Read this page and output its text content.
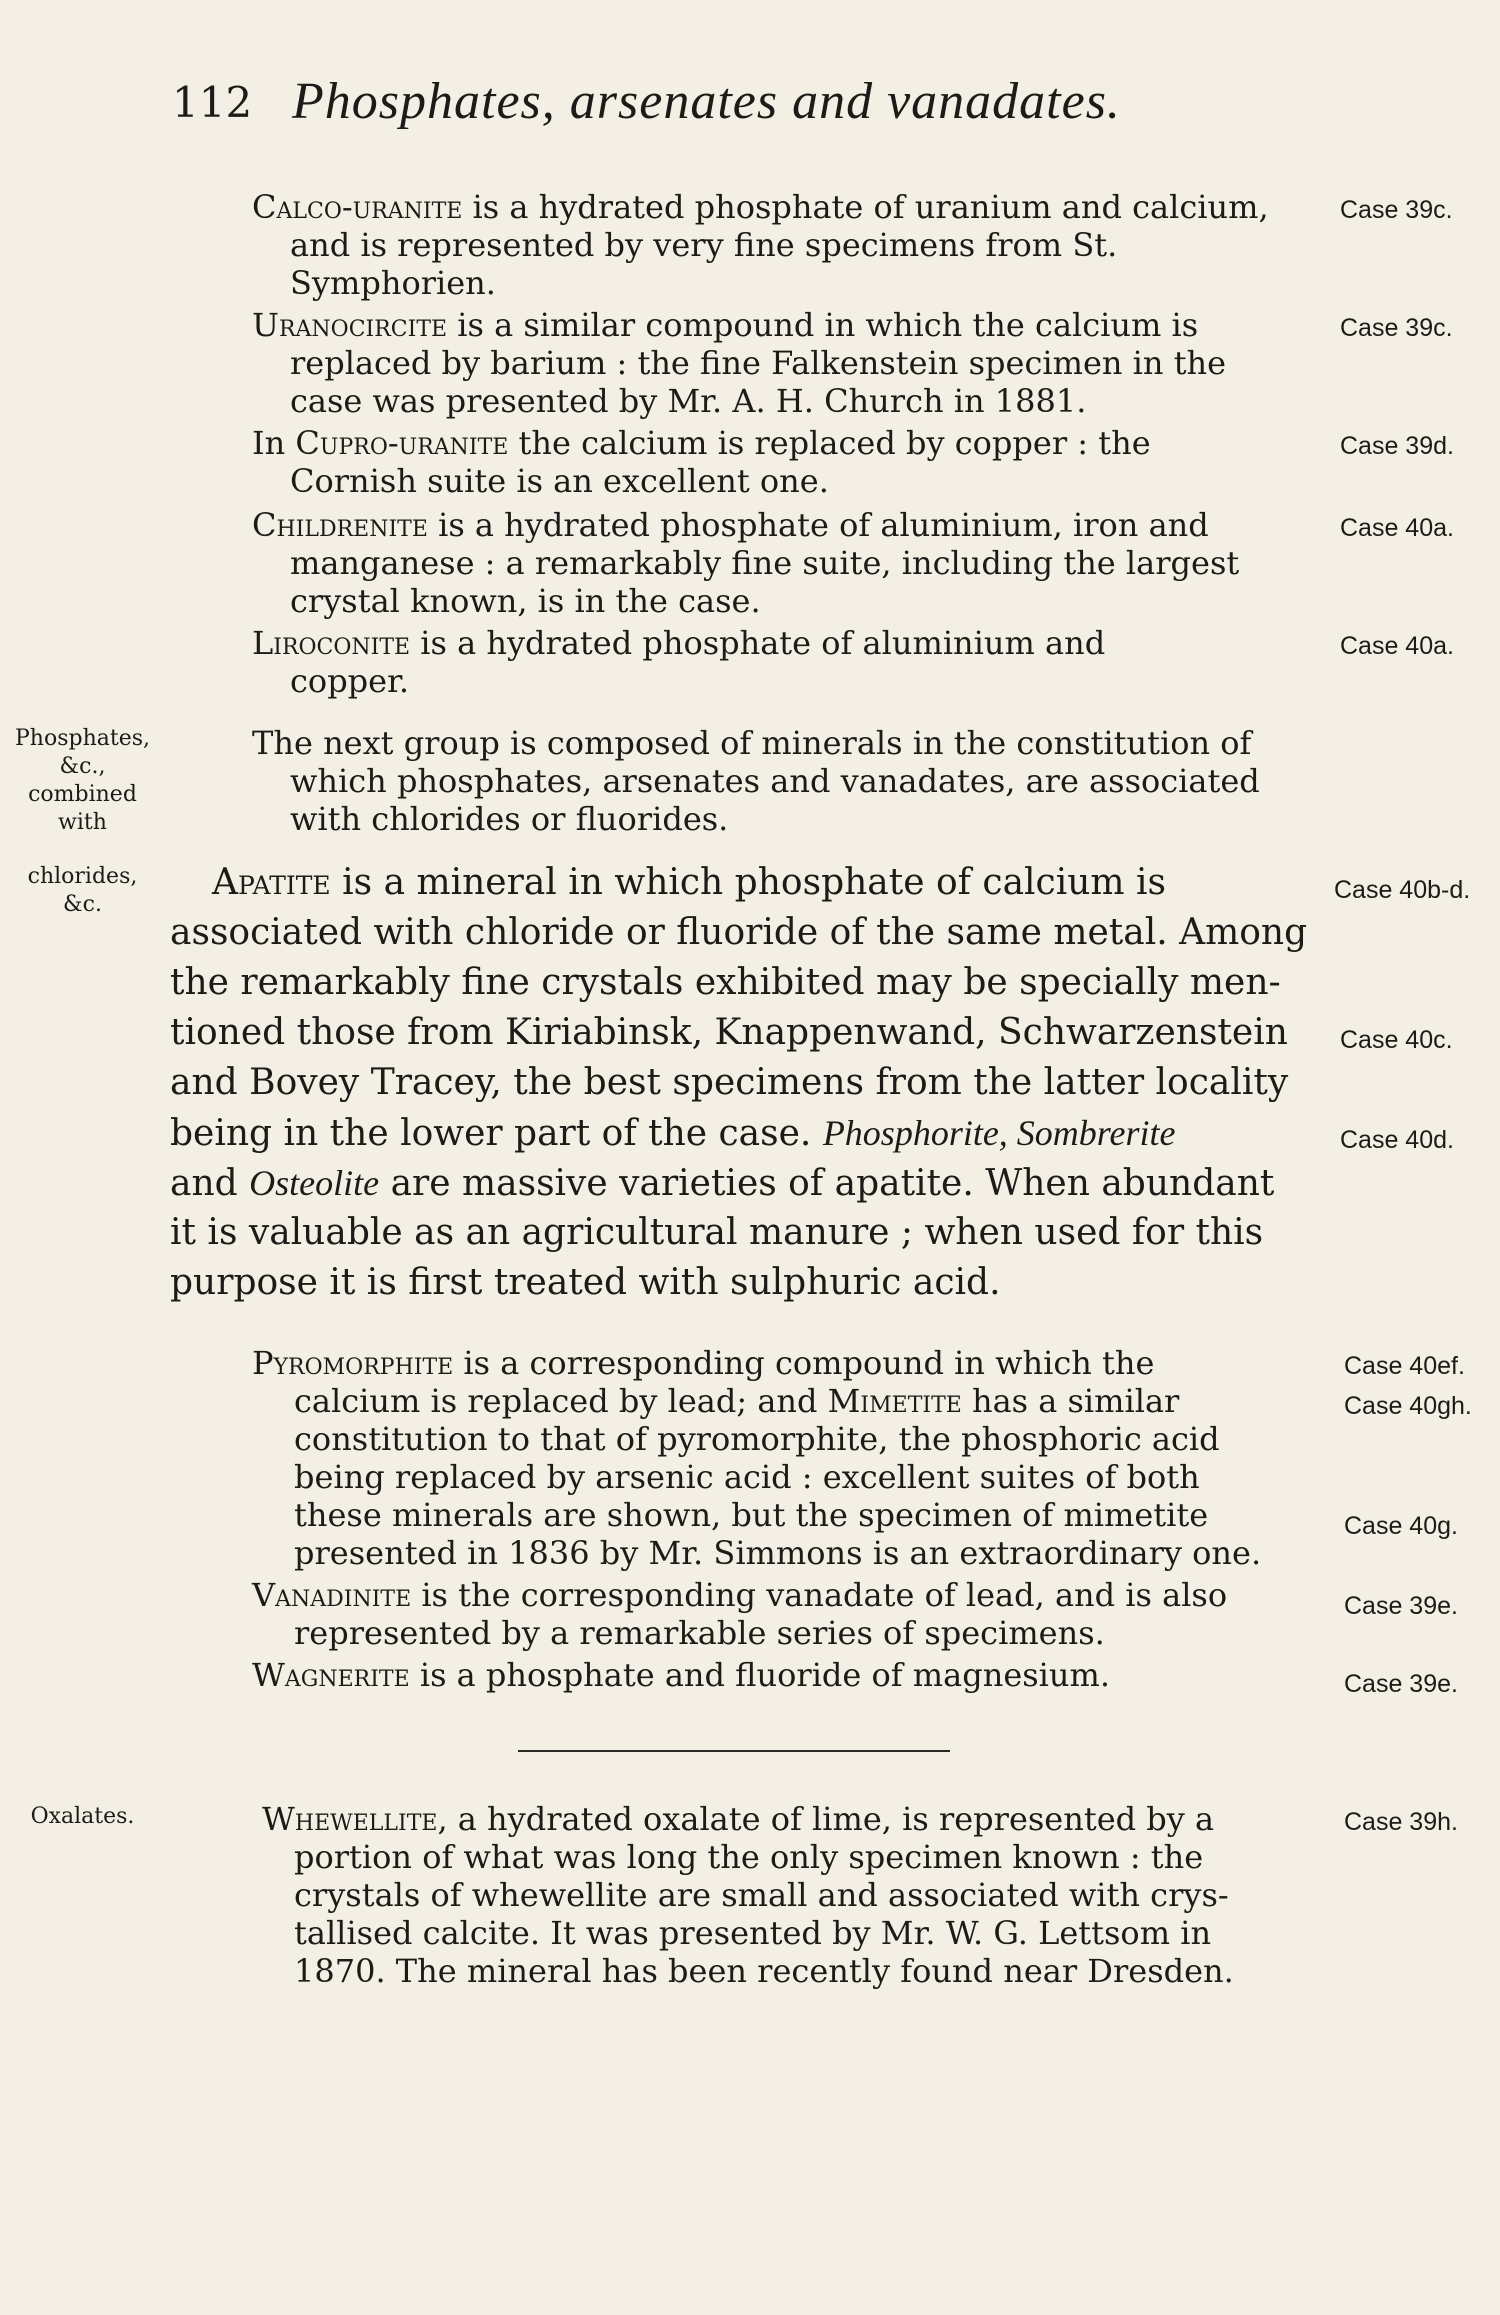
112 Phosphates, arsenates and vanadates.
Calco-uranite is a hydrated phosphate of uranium and calcium,
and is represented by very fine specimens from St.
Symphorien.
Case 39c.
Uranocircite is a similar compound in which the calcium is
replaced by barium : the fine Falkenstein specimen in the
case was presented by Mr. A. H. Church in 1881.
Case 39c.
In Cupro-uranite the calcium is replaced by copper : the
Cornish suite is an excellent one.
Case 39d.
Childrenite is a hydrated phosphate of aluminium, iron and
manganese : a remarkably fine suite, including the largest
crystal known, is in the case.
Case 40a.
Liroconite is a hydrated phosphate of aluminium and
copper.
Case 40a.
Phosphates,
&c.,
combined
with
chlorides,
&c.
The next group is composed of minerals in the constitution of
which phosphates, arsenates and vanadates, are associated
with chlorides or fluorides.
Apatite is a mineral in which phosphate of calcium is
associated with chloride or fluoride of the same metal. Among
the remarkably fine crystals exhibited may be specially men-
tioned those from Kiriabinsk, Knappenwand, Schwarzenstein
and Bovey Tracey, the best specimens from the latter locality
being in the lower part of the case. Phosphorite, Sombrerite
and Osteolite are massive varieties of apatite. When abundant
it is valuable as an agricultural manure ; when used for this
purpose it is first treated with sulphuric acid.
Case 40b-d.
Case 40c.
Case 40d.
Pyromorphite is a corresponding compound in which the
calcium is replaced by lead; and Mimetite has a similar
constitution to that of pyromorphite, the phosphoric acid
being replaced by arsenic acid : excellent suites of both
these minerals are shown, but the specimen of mimetite
presented in 1836 by Mr. Simmons is an extraordinary one.
Case 40ef.
Case 40gh.
Case 40g.
Vanadinite is the corresponding vanadate of lead, and is also
represented by a remarkable series of specimens.
Case 39e.
Wagnerite is a phosphate and fluoride of magnesium.	Case 39e.
Oxalates.	Whewellite, a hydrated oxalate of lime, is represented by a
portion of what was long the only specimen known : the
crystals of whewellite are small and associated with crys-
tallised calcite. It was presented by Mr. W. G. Lettsom in
1870. The mineral has been recently found near Dresden.
Case 39h.
